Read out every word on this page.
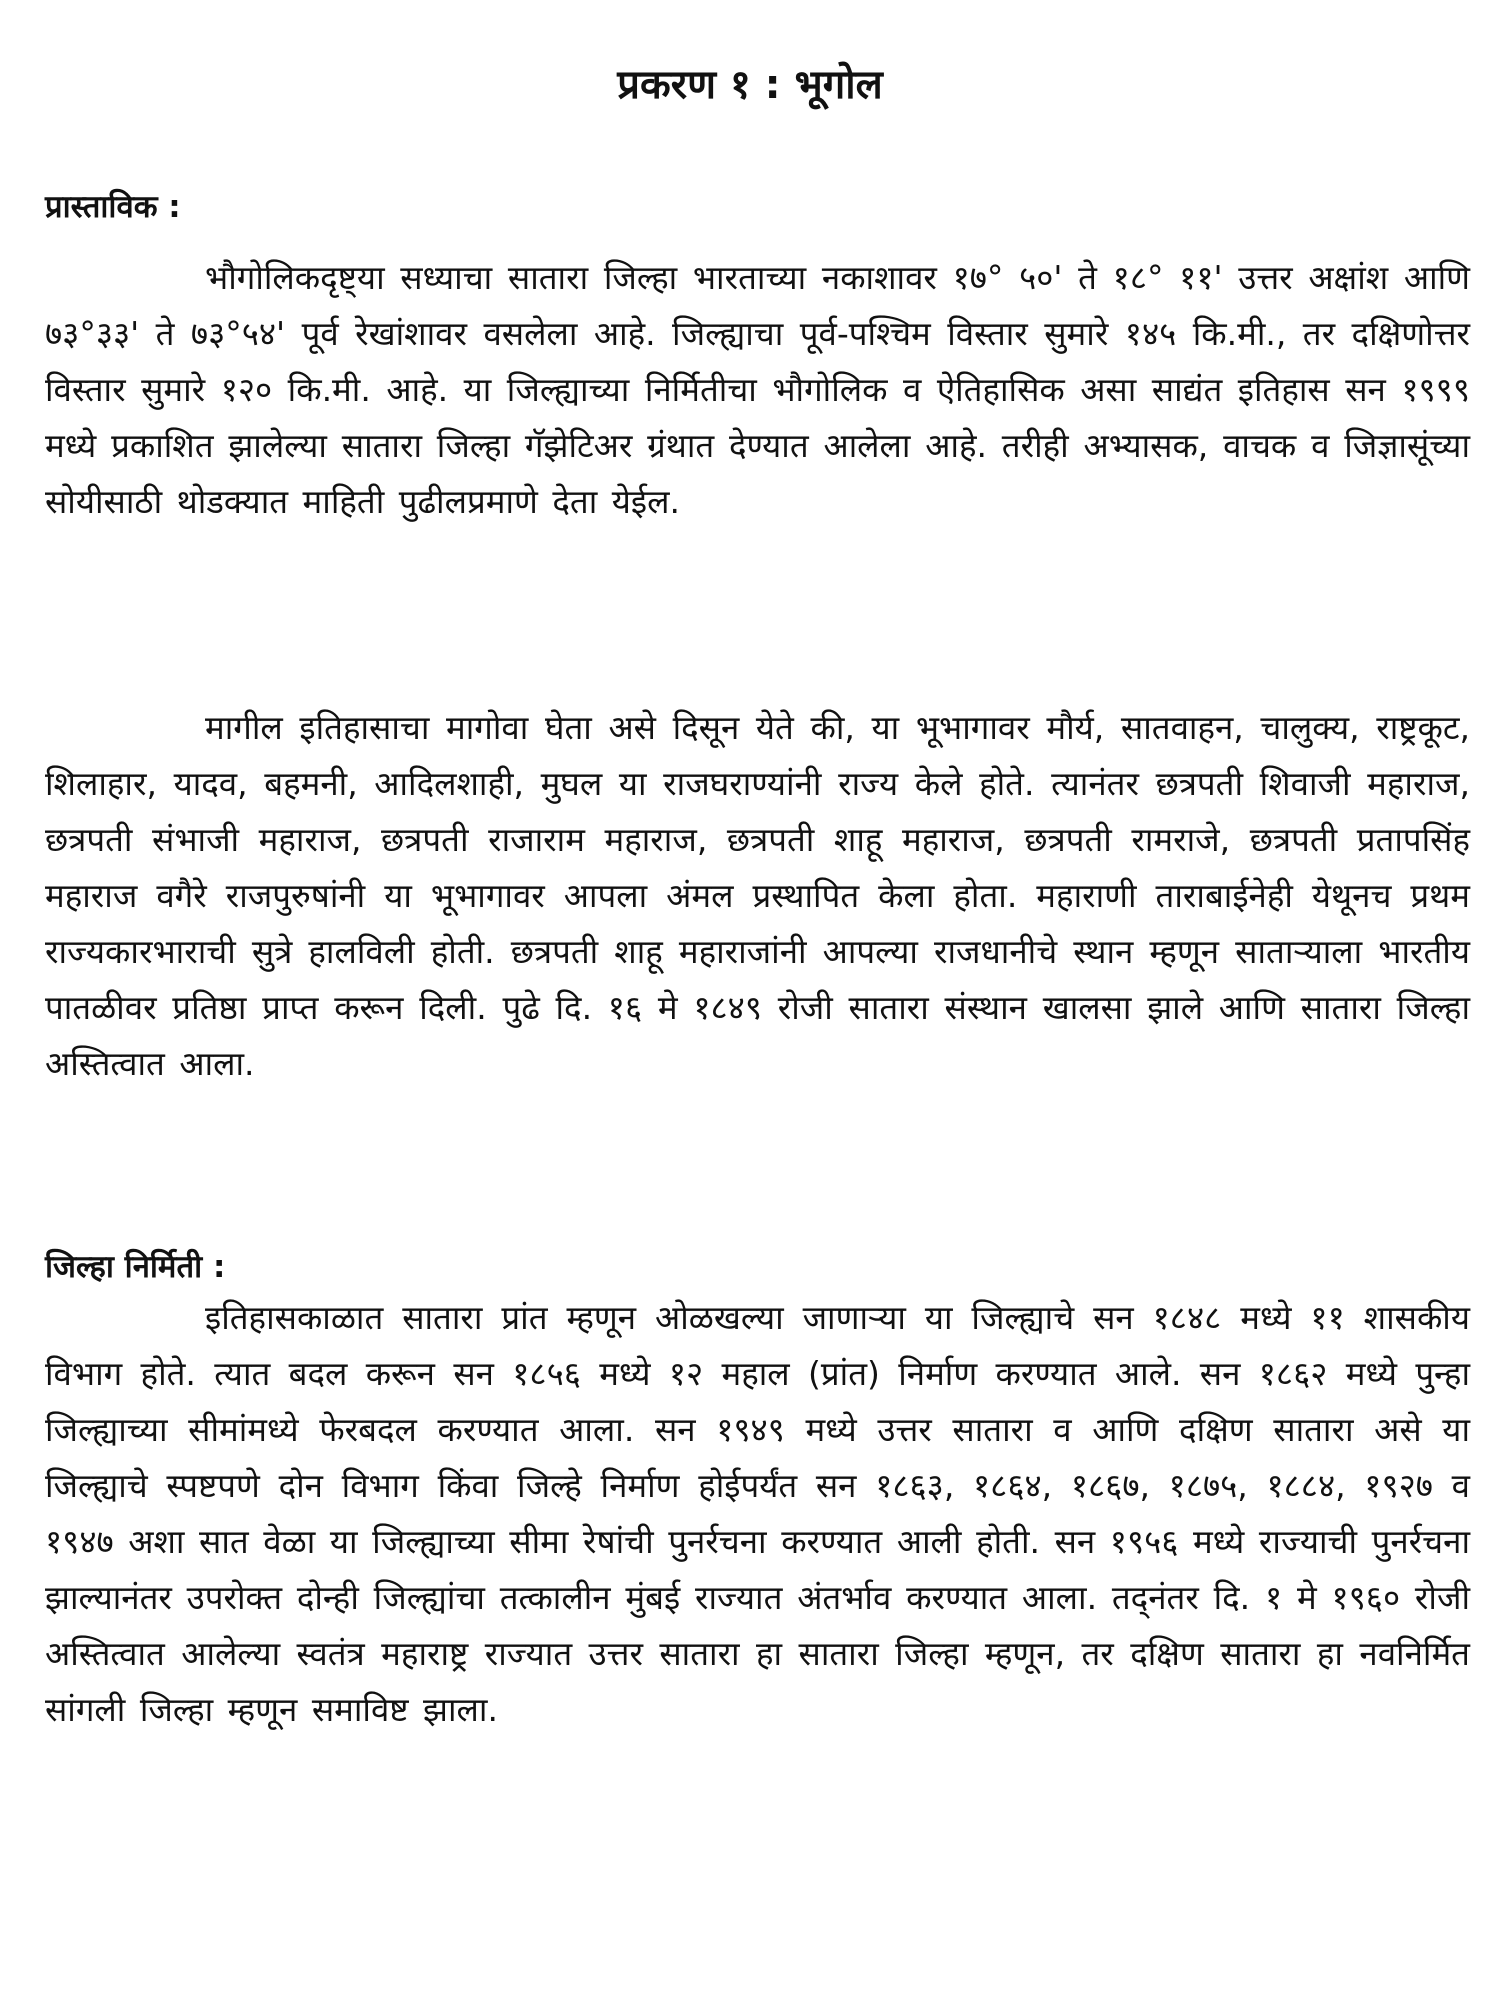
प्रकरण १ : भूगोल
प्रास्ताविक :

भौगोलिकदृष्ट्या सध्याचा सातारा जिल्हा भारताच्या नकाशावर १७° ५०' ते १८° ११' उत्तर अक्षांश आणि ७३°३३' ते ७३°५४' पूर्व रेखांशावर वसलेला आहे. जिल्ह्याचा पूर्व-पश्चिम विस्तार सुमारे १४५ कि.मी., तर दक्षिणोत्तर विस्तार सुमारे १२० कि.मी. आहे. या जिल्ह्याच्या निर्मितीचा भौगोलिक व ऐतिहासिक असा साद्यंत इतिहास सन १९९९ मध्ये प्रकाशित झालेल्या सातारा जिल्हा गॅझेटिअर ग्रंथात देण्यात आलेला आहे. तरीही अभ्यासक, वाचक व जिज्ञासूंच्या सोयीसाठी थोडक्यात माहिती पुढीलप्रमाणे देता येईल.

मागील इतिहासाचा मागोवा घेता असे दिसून येते की, या भूभागावर मौर्य, सातवाहन, चालुक्य, राष्ट्रकूट, शिलाहार, यादव, बहमनी, आदिलशाही, मुघल या राजघराण्यांनी राज्य केले होते. त्यानंतर छत्रपती शिवाजी महाराज, छत्रपती संभाजी महाराज, छत्रपती राजाराम महाराज, छत्रपती शाहू महाराज, छत्रपती रामराजे, छत्रपती प्रतापसिंह महाराज वगैरे राजपुरुषांनी या भूभागावर आपला अंमल प्रस्थापित केला होता. महाराणी ताराबाईनेही येथूनच प्रथम राज्यकारभाराची सुत्रे हालविली होती. छत्रपती शाहू महाराजांनी आपल्या राजधानीचे स्थान म्हणून साताऱ्याला भारतीय पातळीवर प्रतिष्ठा प्राप्त करून दिली. पुढे दि. १६ मे १८४९ रोजी सातारा संस्थान खालसा झाले आणि सातारा जिल्हा अस्तित्वात आला.

जिल्हा निर्मिती :

इतिहासकाळात सातारा प्रांत म्हणून ओळखल्या जाणाऱ्या या जिल्ह्याचे सन १८४८ मध्ये ११ शासकीय विभाग होते. त्यात बदल करून सन १८५६ मध्ये १२ महाल (प्रांत) निर्माण करण्यात आले. सन १८६२ मध्ये पुन्हा जिल्ह्याच्या सीमांमध्ये फेरबदल करण्यात आला. सन १९४९ मध्ये उत्तर सातारा व आणि दक्षिण सातारा असे या जिल्ह्याचे स्पष्टपणे दोन विभाग किंवा जिल्हे निर्माण होईपर्यंत सन १८६३, १८६४, १८६७, १८७५, १८८४, १९२७ व १९४७ अशा सात वेळा या जिल्ह्याच्या सीमा रेषांची पुनर्रचना करण्यात आली होती. सन १९५६ मध्ये राज्याची पुनर्रचना झाल्यानंतर उपरोक्त दोन्ही जिल्ह्यांचा तत्कालीन मुंबई राज्यात अंतर्भाव करण्यात आला. तद्नंतर दि. १ मे १९६० रोजी अस्तित्वात आलेल्या स्वतंत्र महाराष्ट्र राज्यात उत्तर सातारा हा सातारा जिल्हा म्हणून, तर दक्षिण सातारा हा नवनिर्मित सांगली जिल्हा म्हणून समाविष्ट झाला.
